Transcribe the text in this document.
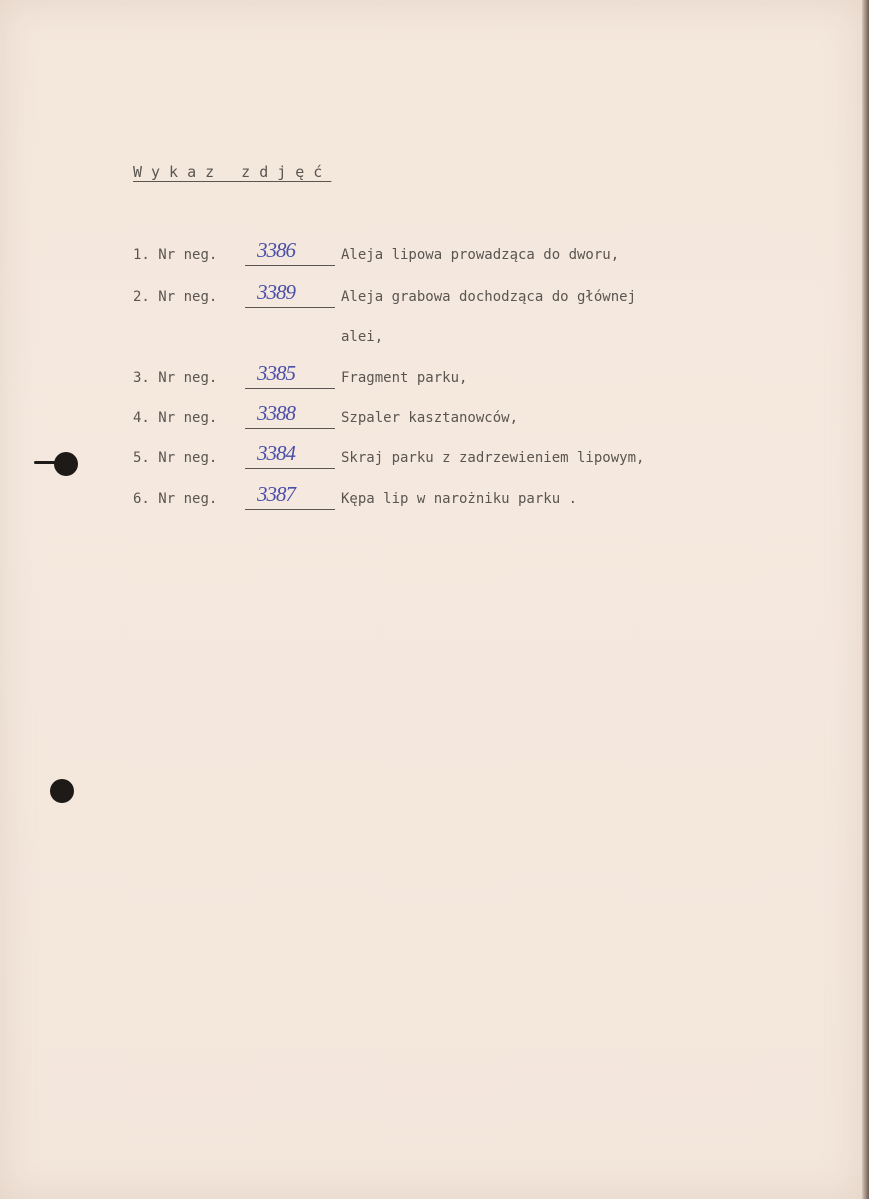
Wykaz zdjęć
1. Nr neg. 3386	Aleja lipowa prowadząca do dworu,
2. Nr neg. 3389	Aleja grabowa dochodząca do głównej
alei,
3. Nr neg. 3385	Fragment parku,
4. Nr neg. 3388	Szpaler kasztanowców,
5. Nr neg. 3384	Skraj parku z zadrzewieniem lipowym,
6. Nr neg. 3387	Kępa lip w narożniku parku .
